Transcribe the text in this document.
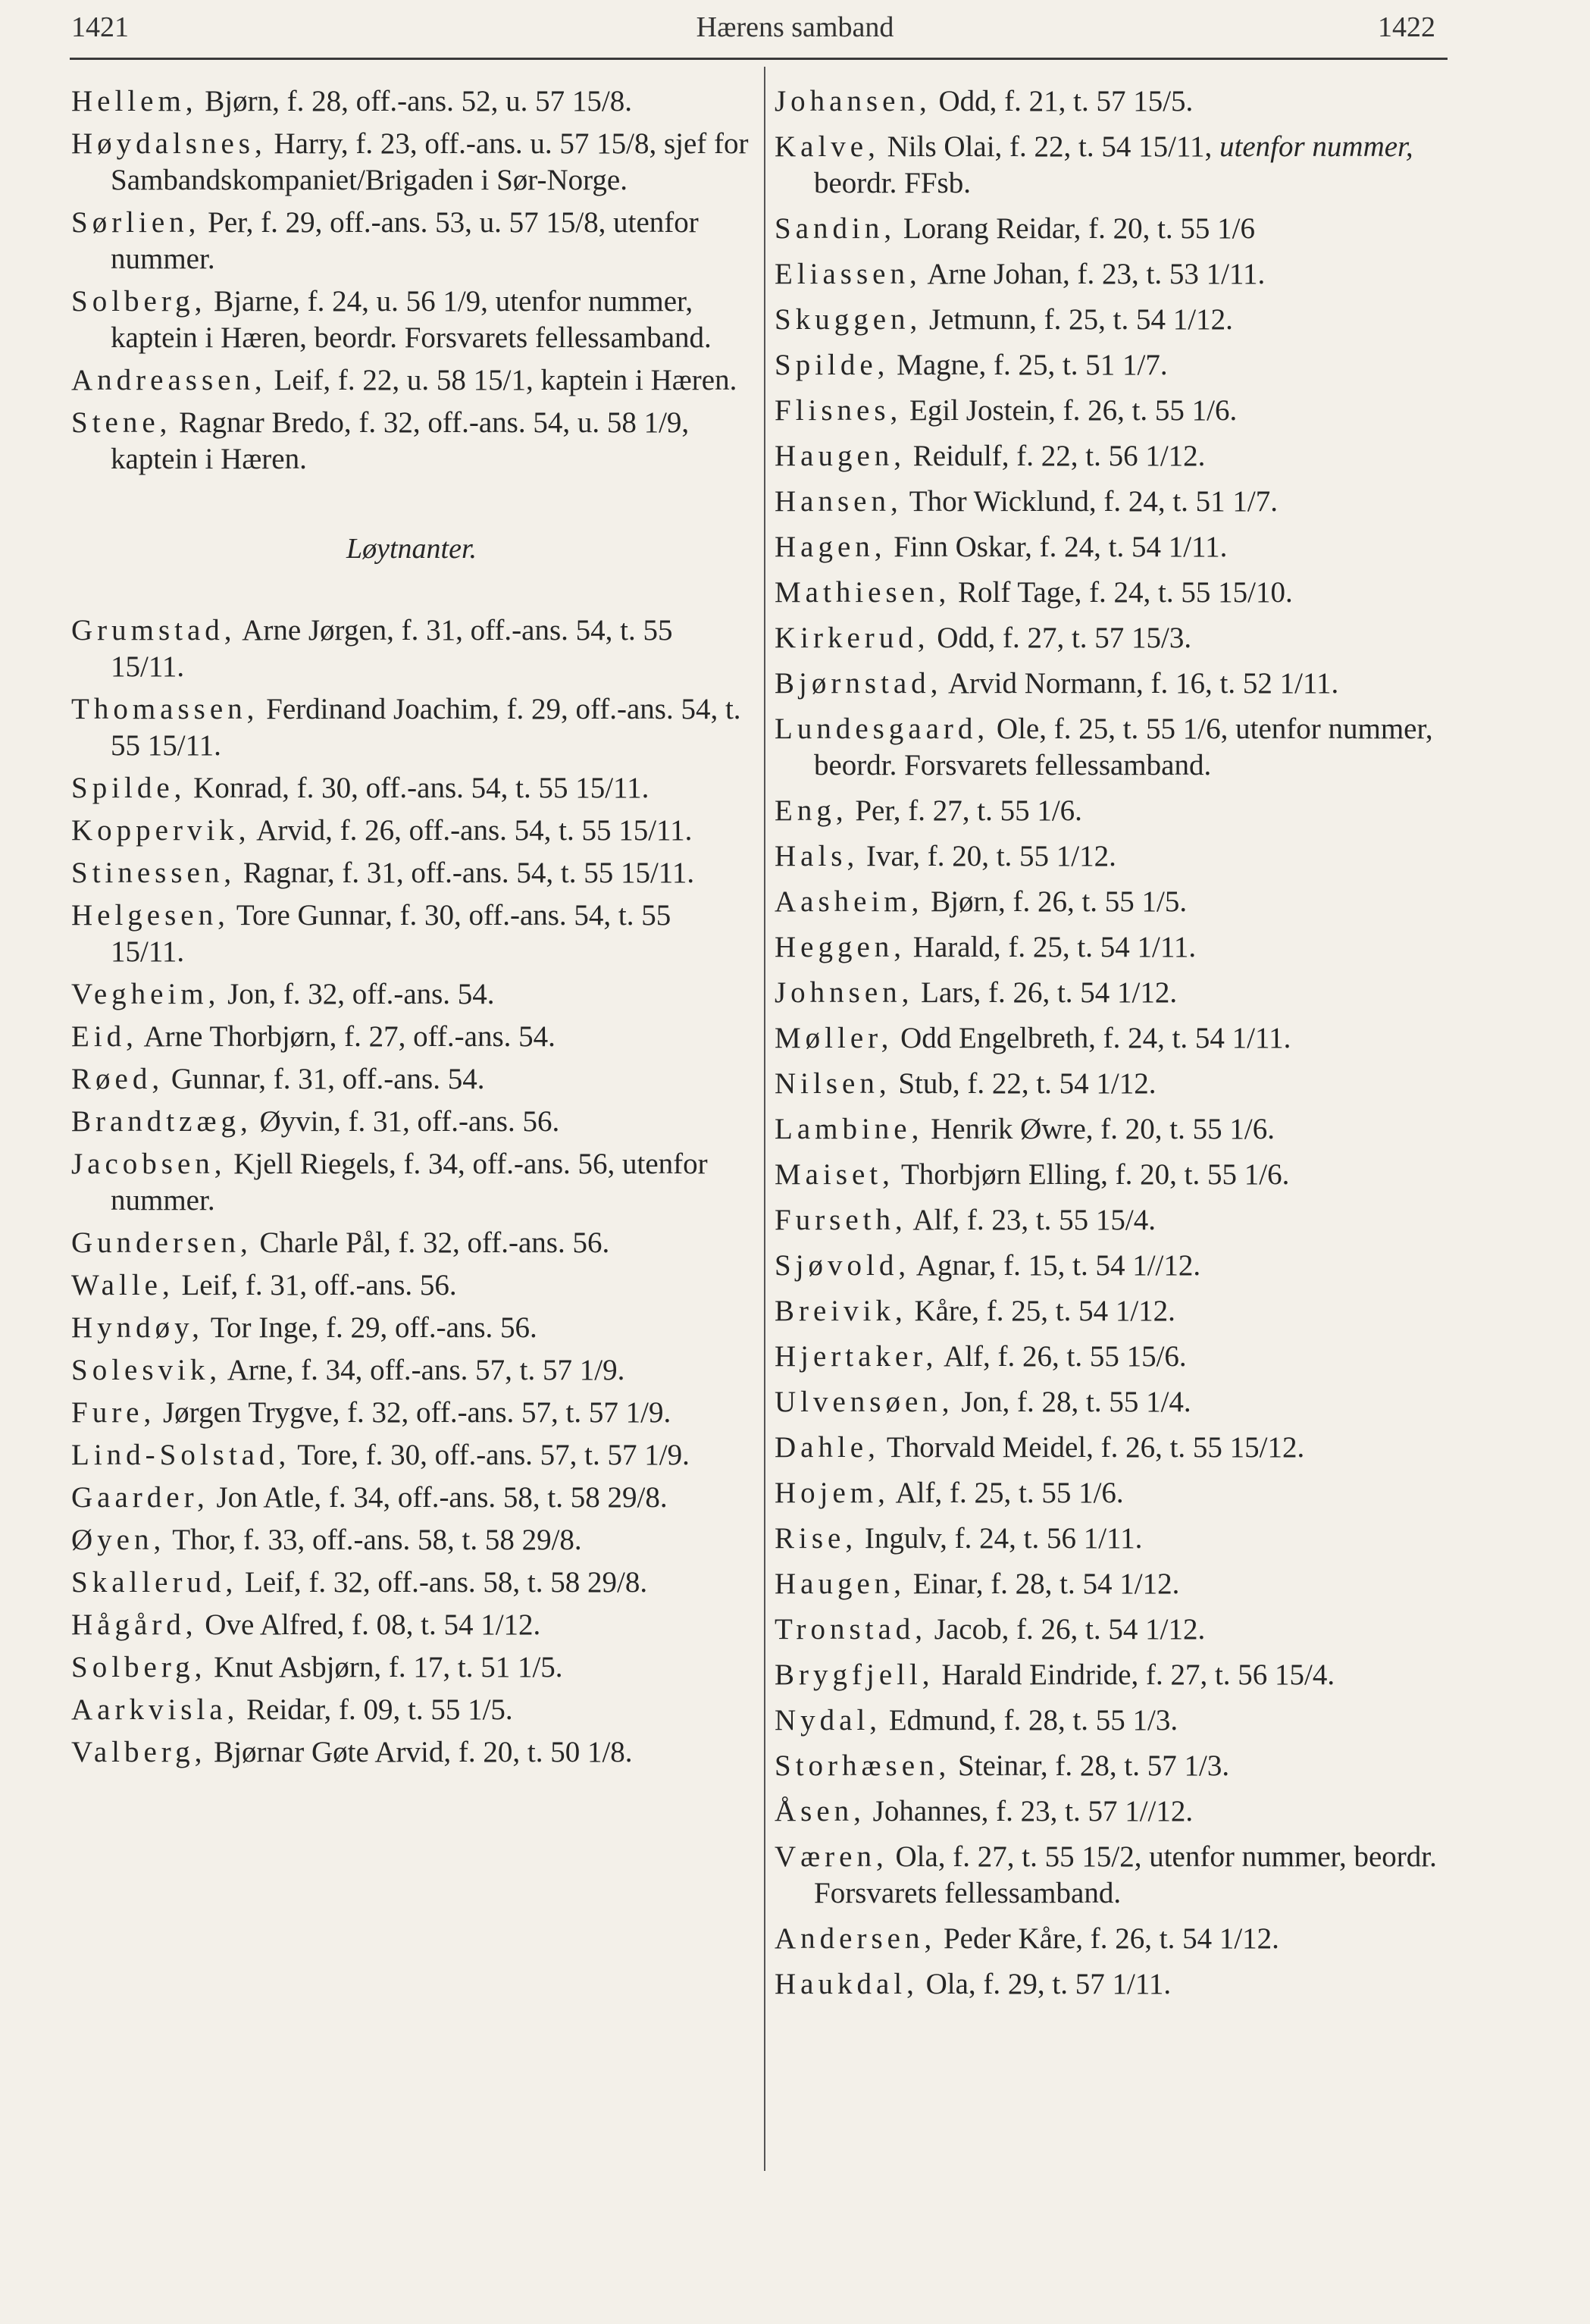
1421	Hærens samband	1422
Hellem, Bjørn, f. 28, off.-ans. 52, u. 57 15/8.
Høydalsnes, Harry, f. 23, off.-ans. u. 57 15/8, sjef for Sambandskompaniet/Brigaden i Sør-Norge.
Sørlien, Per, f. 29, off.-ans. 53, u. 57 15/8, utenfor nummer.
Solberg, Bjarne, f. 24, u. 56 1/9, utenfor nummer, kaptein i Hæren, beordr. Forsvarets fellessamband.
Andreassen, Leif, f. 22, u. 58 15/1, kaptein i Hæren.
Stene, Ragnar Bredo, f. 32, off.-ans. 54, u. 58 1/9, kaptein i Hæren.
Løytnanter.
Grumstad, Arne Jørgen, f. 31, off.-ans. 54, t. 55 15/11.
Thomassen, Ferdinand Joachim, f. 29, off.-ans. 54, t. 55 15/11.
Spilde, Konrad, f. 30, off.-ans. 54, t. 55 15/11.
Koppervik, Arvid, f. 26, off.-ans. 54, t. 55 15/11.
Stinessen, Ragnar, f. 31, off.-ans. 54, t. 55 15/11.
Helgesen, Tore Gunnar, f. 30, off.-ans. 54, t. 55 15/11.
Vegheim, Jon, f. 32, off.-ans. 54.
Eid, Arne Thorbjørn, f. 27, off.-ans. 54.
Røed, Gunnar, f. 31, off.-ans. 54.
Brandtzæg, Øyvin, f. 31, off.-ans. 56.
Jacobsen, Kjell Riegels, f. 34, off.-ans. 56, utenfor nummer.
Gundersen, Charle Pål, f. 32, off.-ans. 56.
Walle, Leif, f. 31, off.-ans. 56.
Hyndøy, Tor Inge, f. 29, off.-ans. 56.
Solesvik, Arne, f. 34, off.-ans. 57, t. 57 1/9.
Fure, Jørgen Trygve, f. 32, off.-ans. 57, t. 57 1/9.
Lind-Solstad, Tore, f. 30, off.-ans. 57, t. 57 1/9.
Gaarder, Jon Atle, f. 34, off.-ans. 58, t. 58 29/8.
Øyen, Thor, f. 33, off.-ans. 58, t. 58 29/8.
Skallerud, Leif, f. 32, off.-ans. 58, t. 58 29/8.
Hågård, Ove Alfred, f. 08, t. 54 1/12.
Solberg, Knut Asbjørn, f. 17, t. 51 1/5.
Aarkvisla, Reidar, f. 09, t. 55 1/5.
Valberg, Bjørnar Gøte Arvid, f. 20, t. 50 1/8.
Johansen, Odd, f. 21, t. 57 15/5.
Kalve, Nils Olai, f. 22, t. 54 15/11, utenfor nummer, beordr. FFsb.
Sandin, Lorang Reidar, f. 20, t. 55 1/6
Eliassen, Arne Johan, f. 23, t. 53 1/11.
Skuggen, Jetmunn, f. 25, t. 54 1/12.
Spilde, Magne, f. 25, t. 51 1/7.
Flisnes, Egil Jostein, f. 26, t. 55 1/6.
Haugen, Reidulf, f. 22, t. 56 1/12.
Hansen, Thor Wicklund, f. 24, t. 51 1/7.
Hagen, Finn Oskar, f. 24, t. 54 1/11.
Mathiesen, Rolf Tage, f. 24, t. 55 15/10.
Kirkerud, Odd, f. 27, t. 57 15/3.
Bjørnstad, Arvid Normann, f. 16, t. 52 1/11.
Lundesgaard, Ole, f. 25, t. 55 1/6, utenfor nummer, beordr. Forsvarets fellessamband.
Eng, Per, f. 27, t. 55 1/6.
Hals, Ivar, f. 20, t. 55 1/12.
Aasheim, Bjørn, f. 26, t. 55 1/5.
Heggen, Harald, f. 25, t. 54 1/11.
Johnsen, Lars, f. 26, t. 54 1/12.
Møller, Odd Engelbreth, f. 24, t. 54 1/11.
Nilsen, Stub, f. 22, t. 54 1/12.
Lambine, Henrik Øwre, f. 20, t. 55 1/6.
Maiset, Thorbjørn Elling, f. 20, t. 55 1/6.
Furseth, Alf, f. 23, t. 55 15/4.
Sjøvold, Agnar, f. 15, t. 54 1//12.
Breivik, Kåre, f. 25, t. 54 1/12.
Hjertaker, Alf, f. 26, t. 55 15/6.
Ulvensøen, Jon, f. 28, t. 55 1/4.
Dahle, Thorvald Meidel, f. 26, t. 55 15/12.
Hojem, Alf, f. 25, t. 55 1/6.
Rise, Ingulv, f. 24, t. 56 1/11.
Haugen, Einar, f. 28, t. 54 1/12.
Tronstad, Jacob, f. 26, t. 54 1/12.
Brygfjell, Harald Eindride, f. 27, t. 56 15/4.
Nydal, Edmund, f. 28, t. 55 1/3.
Storhæsen, Steinar, f. 28, t. 57 1/3.
Åsen, Johannes, f. 23, t. 57 1//12.
Væren, Ola, f. 27, t. 55 15/2, utenfor nummer, beordr. Forsvarets fellessamband.
Andersen, Peder Kåre, f. 26, t. 54 1/12.
Haukdal, Ola, f. 29, t. 57 1/11.
